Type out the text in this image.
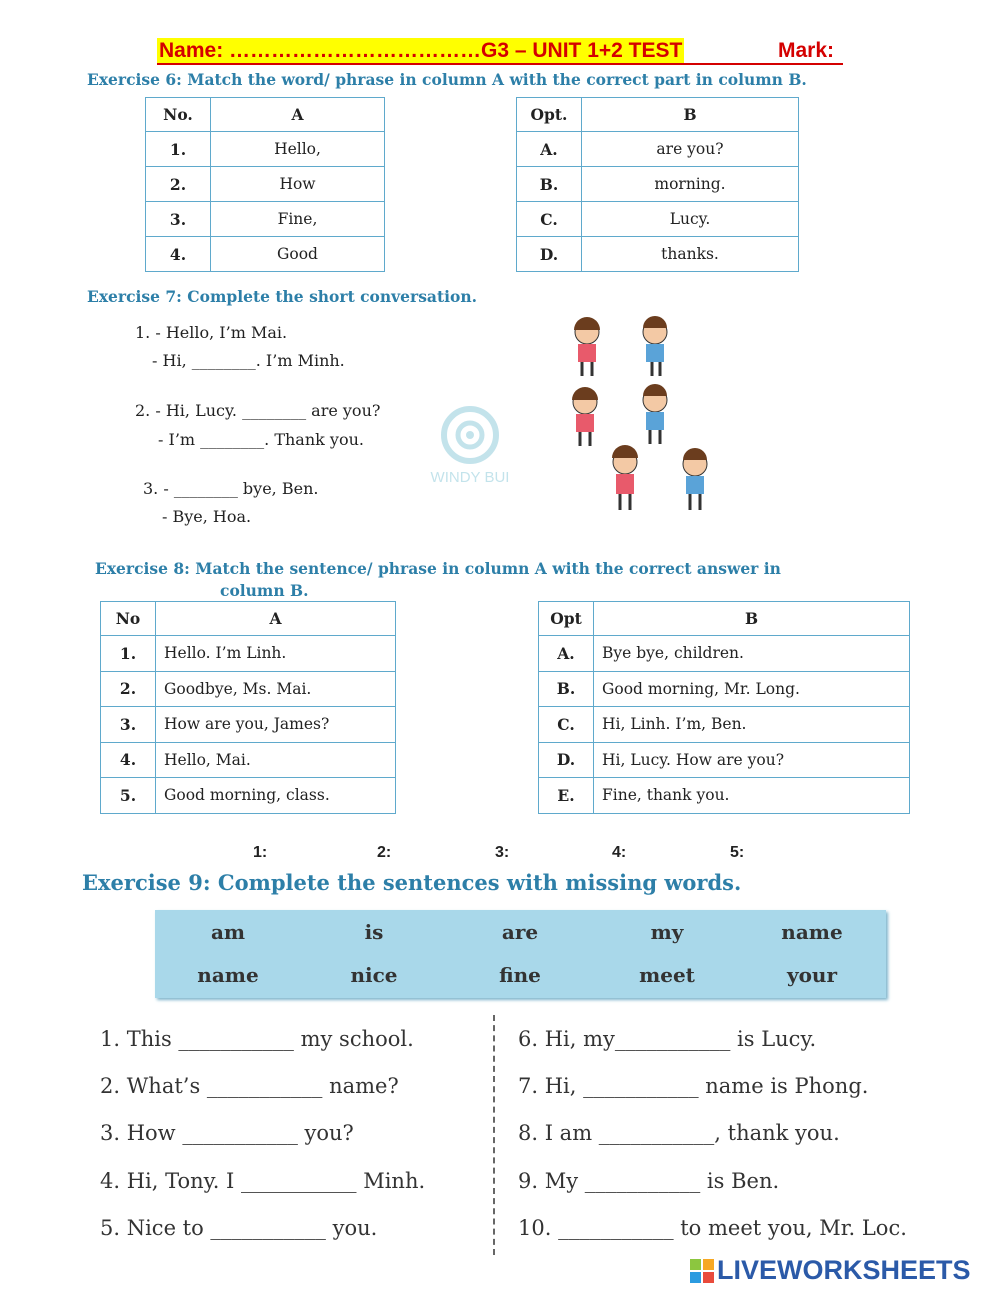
Name: ………………………………G3 – UNIT 1+2 TEST	Mark:
Exercise 6: Match the word/ phrase in column A with the correct part in column B.
No.	A
1.	Hello,
2.	How
3.	Fine,
4.	Good
Opt.	B
A.	are you?
B.	morning.
C.	Lucy.
D.	thanks.
Exercise 7: Complete the short conversation.
1. - Hello, I’m Mai.
- Hi, ________. I’m Minh.
2. - Hi, Lucy. ________ are you?
- I’m ________. Thank you.
3. - ________ bye, Ben.
- Bye, Hoa.
WINDY BUI
Exercise 8: Match the sentence/ phrase in column A with the correct answer in
column B.
No	A
1.	Hello. I’m Linh.
2.	Goodbye, Ms. Mai.
3.	How are you, James?
4.	Hello, Mai.
5.	Good morning, class.
Opt	B
A.	Bye bye, children.
B.	Good morning, Mr. Long.
C.	Hi, Linh. I’m, Ben.
D.	Hi, Lucy. How are you?
E.	Fine, thank you.
1:	2:	3:	4:	5:
Exercise 9: Complete the sentences with missing words.
am	is	are	my	name
name	nice	fine	meet	your
1. This ___________ my school.
2. What’s ___________ name?
3. How ___________ you?
4. Hi, Tony. I ___________ Minh.
5. Nice to ___________ you.
6. Hi, my___________ is Lucy.
7. Hi, ___________ name is Phong.
8. I am ___________, thank you.
9. My ___________ is Ben.
10. ___________ to meet you, Mr. Loc.
LIVEWORKSHEETS
